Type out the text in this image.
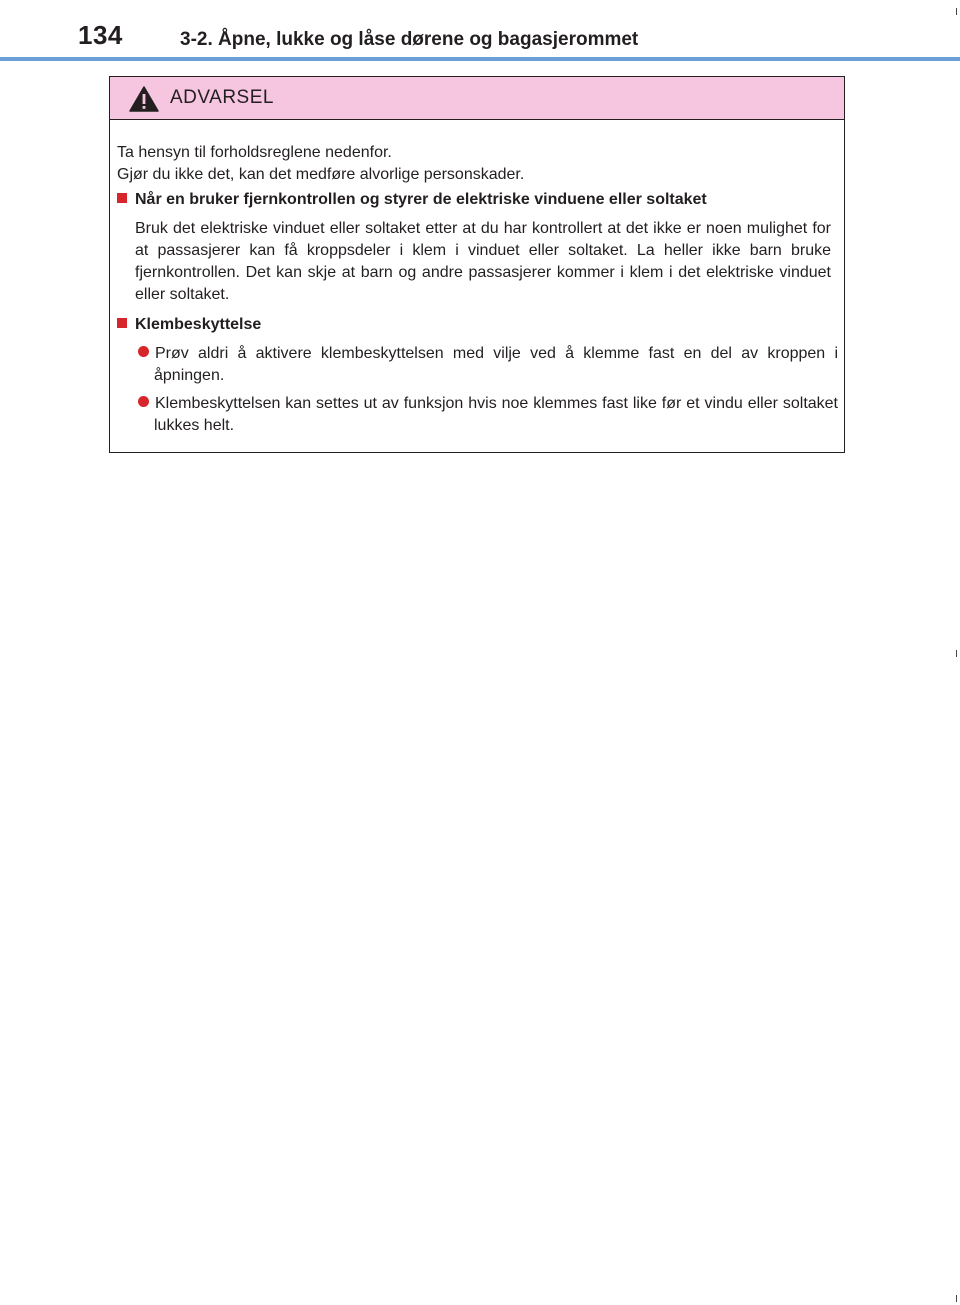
134	3-2. Åpne, lukke og låse dørene og bagasjerommet
ADVARSEL
Ta hensyn til forholdsreglene nedenfor.
Gjør du ikke det, kan det medføre alvorlige personskader.
Når en bruker fjernkontrollen og styrer de elektriske vinduene eller soltaket
Bruk det elektriske vinduet eller soltaket etter at du har kontrollert at det ikke er noen mulighet for at passasjerer kan få kroppsdeler i klem i vinduet eller soltaket. La heller ikke barn bruke fjernkontrollen. Det kan skje at barn og andre passasjerer kommer i klem i det elektriske vinduet eller soltaket.
Klembeskyttelse
Prøv aldri å aktivere klembeskyttelsen med vilje ved å klemme fast en del av kroppen i åpningen.
Klembeskyttelsen kan settes ut av funksjon hvis noe klemmes fast like før et vindu eller soltaket lukkes helt.
